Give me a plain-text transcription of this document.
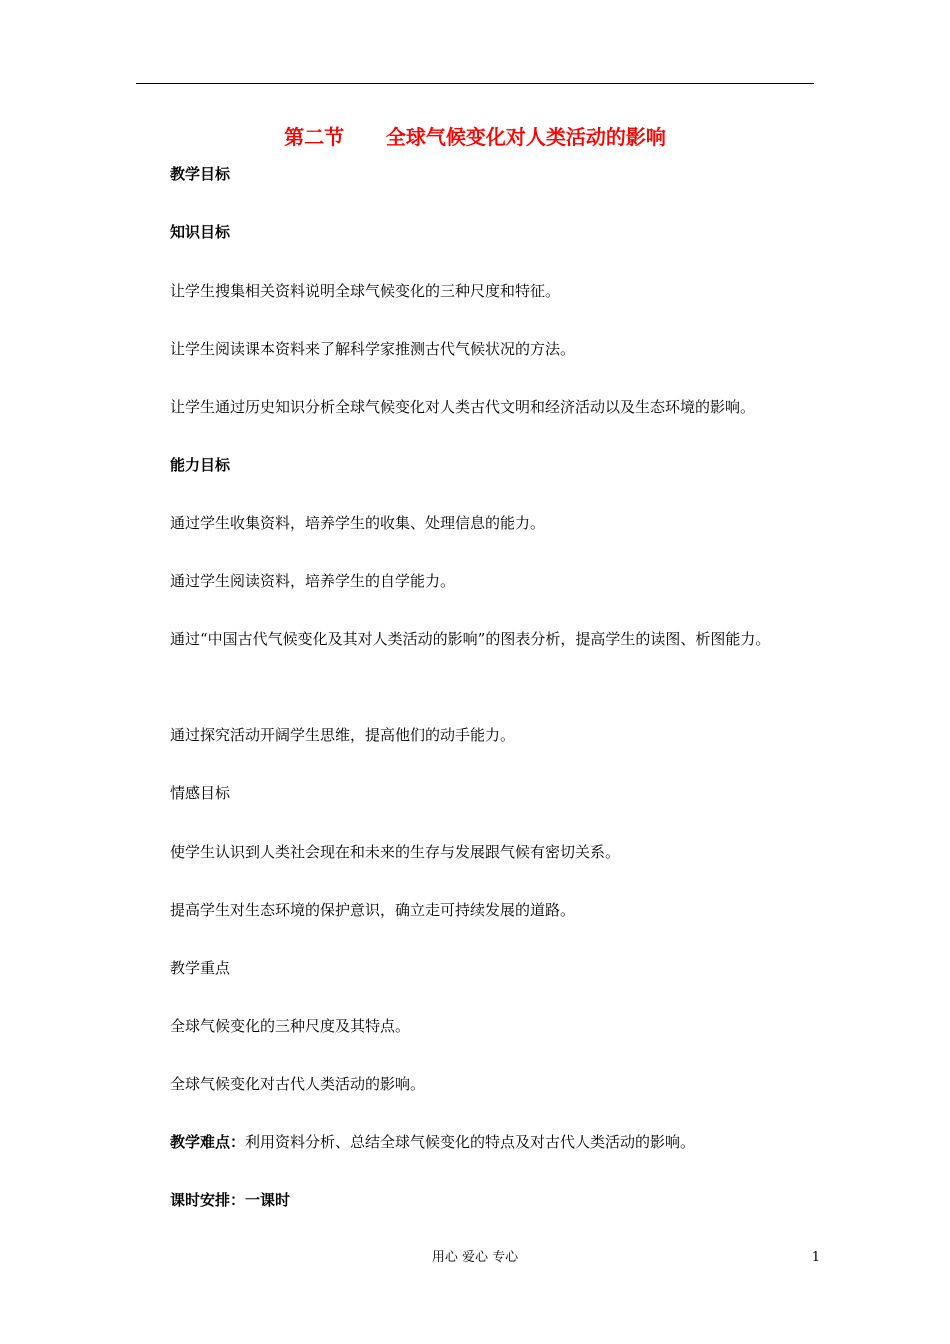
第二节      全球气候变化对人类活动的影响
教学目标
知识目标
让学生搜集相关资料说明全球气候变化的三种尺度和特征。
让学生阅读课本资料来了解科学家推测古代气候状况的方法。
让学生通过历史知识分析全球气候变化对人类古代文明和经济活动以及生态环境的影响。
能力目标
通过学生收集资料，培养学生的收集、处理信息的能力。
通过学生阅读资料，培养学生的自学能力。
通过“中国古代气候变化及其对人类活动的影响”的图表分析，提高学生的读图、析图能力。
通过探究活动开阔学生思维，提高他们的动手能力。
情感目标
使学生认识到人类社会现在和未来的生存与发展跟气候有密切关系。
提高学生对生态环境的保护意识，确立走可持续发展的道路。
教学重点
全球气候变化的三种尺度及其特点。
全球气候变化对古代人类活动的影响。
教学难点：利用资料分析、总结全球气候变化的特点及对古代人类活动的影响。
课时安排：一课时
用心 爱心 专心	1
